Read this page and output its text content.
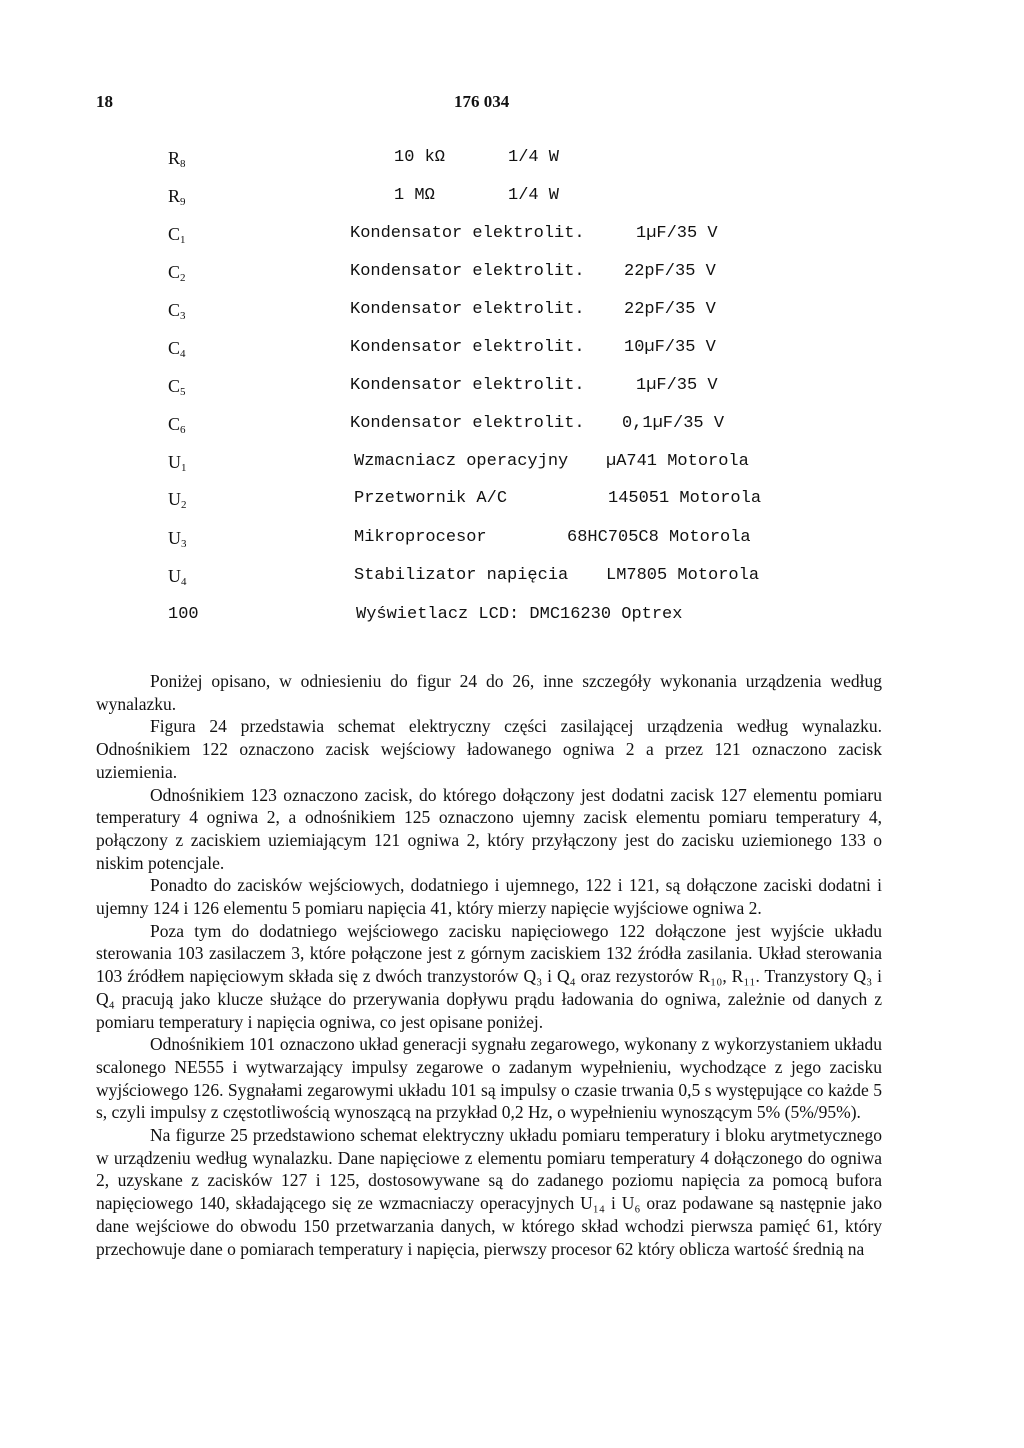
18	176 034
$R_8$	10 kΩ	1/4 W
$R_9$	1 MΩ	1/4 W
$C_1$	Kondensator elektrolit.	1µF/35 V
$C_2$	Kondensator elektrolit. 22pF/35 V
$C_3$	Kondensator elektrolit. 22pF/35 V
$C_4$	Kondensator elektrolit. 10µF/35 V
$C_5$	Kondensator elektrolit.	1µF/35 V
$C_6$	Kondensator elektrolit. 0,1µF/35 V
$U_1$	Wzmacniacz operacyjny µA741 Motorola
$U_2$	Przetwornik A/C	145051 Motorola
$U_3$	Mikroprocesor	68HC705C8 Motorola
$U_4$	Stabilizator napięcia LM7805 Motorola
100	Wyświetlacz LCD: DMC16230 Optrex

Poniżej opisano, w odniesieniu do figur 24 do 26, inne szczegóły wykonania urządzenia według wynalazku.

Figura 24 przedstawia schemat elektryczny części zasilającej urządzenia według wynalazku. Odnośnikiem 122 oznaczono zacisk wejściowy ładowanego ogniwa 2 a przez 121 oznaczono zacisk uziemienia.

Odnośnikiem 123 oznaczono zacisk, do którego dołączony jest dodatni zacisk 127 elementu pomiaru temperatury 4 ogniwa 2, a odnośnikiem 125 oznaczono ujemny zacisk elementu pomiaru temperatury 4, połączony z zaciskiem uziemiającym 121 ogniwa 2, który przyłączony jest do zacisku uziemionego 133 o niskim potencjale.

Ponadto do zacisków wejściowych, dodatniego i ujemnego, 122 i 121, są dołączone zaciski dodatni i ujemny 124 i 126 elementu 5 pomiaru napięcia 41, który mierzy napięcie wyjściowe ogniwa 2.

Poza tym do dodatniego wejściowego zacisku napięciowego 122 dołączone jest wyjście układu sterowania 103 zasilaczem 3, które połączone jest z górnym zaciskiem 132 źródła zasilania. Układ sterowania 103 źródłem napięciowym składa się z dwóch tranzystorów Q₃ i Q₄ oraz rezystorów R₁₀, R₁₁. Tranzystory Q₃ i Q₄ pracują jako klucze służące do przerywania dopływu prądu ładowania do ogniwa, zależnie od danych z pomiaru temperatury i napięcia ogniwa, co jest opisane poniżej.

Odnośnikiem 101 oznaczono układ generacji sygnału zegarowego, wykonany z wykorzystaniem układu scalonego NE555 i wytwarzający impulsy zegarowe o zadanym wypełnieniu, wychodzące z jego zacisku wyjściowego 126. Sygnałami zegarowymi układu 101 są impulsy o czasie trwania 0,5 s występujące co każde 5 s, czyli impulsy z częstotliwością wynoszącą na przykład 0,2 Hz, o wypełnieniu wynoszącym 5% (5%/95%).

Na figurze 25 przedstawiono schemat elektryczny układu pomiaru temperatury i bloku arytmetycznego w urządzeniu według wynalazku. Dane napięciowe z elementu pomiaru temperatury 4 dołączonego do ogniwa 2, uzyskane z zacisków 127 i 125, dostosowywane są do zadanego poziomu napięcia za pomocą bufora napięciowego 140, składającego się ze wzmacniaczy operacyjnych U₁₄ i U₆ oraz podawane są następnie jako dane wejściowe do obwodu 150 przetwarzania danych, w którego skład wchodzi pierwsza pamięć 61, który przechowuje dane o pomiarach temperatury i napięcia, pierwszy procesor 62 który oblicza wartość średnią na
